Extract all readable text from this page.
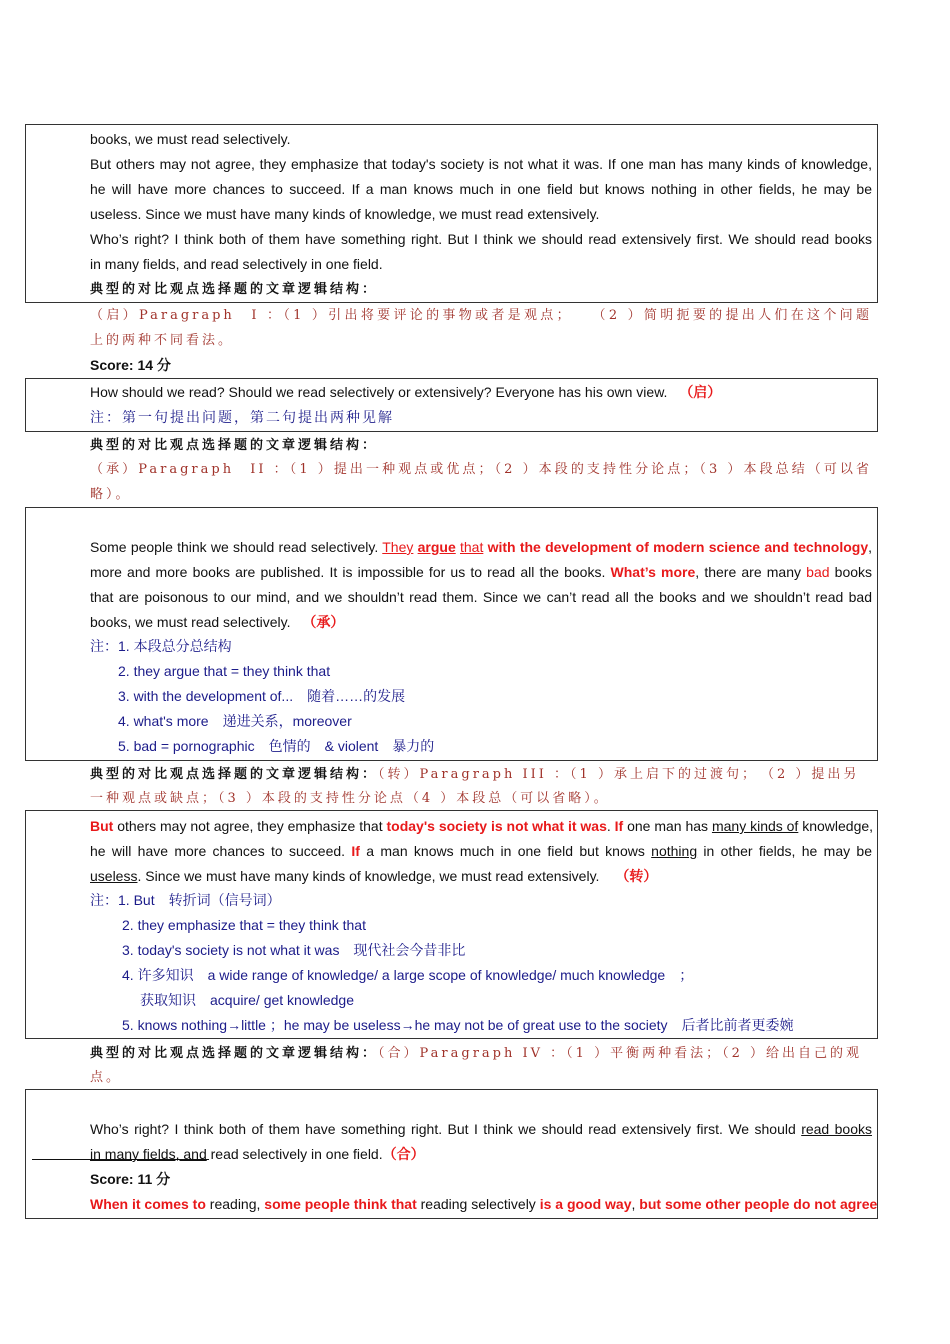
books, we must read selectively.
But others may not agree, they emphasize that today's society is not what it was. If one man has many kinds of knowledge,
he will have more chances to succeed. If a man knows much in one field but knows nothing in other fields, he may be
useless. Since we must have many kinds of knowledge, we must read extensively.
Who’s right? I think both of them have something right. But I think we should read extensively first. We should read books
in many fields, and read selectively in one field.
典型的对比观点选择题的文章逻辑结构：
（启）Paragraph　I ：（1 ）引出将要评论的事物或者是观点；　　（2 ）简明扼要的提出人们在这个问题
上的两种不同看法。
Score: 14 分
How should we read? Should we read selectively or extensively? Everyone has his own view. （启）
注：第一句提出问题，第二句提出两种见解
典型的对比观点选择题的文章逻辑结构：
（承）Paragraph　II ：（1 ）提出一种观点或优点；（2 ）本段的支持性分论点；（3 ）本段总结（可以省
略）。
Some people think we should read selectively. They argue that with the development of modern science and technology,
more and more books are published. It is impossible for us to read all the books. What’s more, there are many bad books
that are poisonous to our mind, and we shouldn’t read them. Since we can’t read all the books and we shouldn’t read bad
books, we must read selectively. （承）
注：1. 本段总分总结构
2. they argue that = they think that
3. with the development of...　随着……的发展
4. what's more　递进关系，moreover
5. bad = pornographic　色情的　& violent　暴力的
典型的对比观点选择题的文章逻辑结构：（转）Paragraph III ：（1 ）承上启下的过渡句；　（2 ）提出另
一种观点或缺点；（3 ）本段的支持性分论点（4 ）本段总（可以省略）。
But others may not agree, they emphasize that today's society is not what it was. If one man has many kinds of knowledge,
he will have more chances to succeed. If a man knows much in one field but knows nothing in other fields, he may be
useless. Since we must have many kinds of knowledge, we must read extensively. （转）
注：1. But　转折词（信号词）
2. they emphasize that = they think that
3. today's society is not what it was　现代社会今昔非比
4. 许多知识　a wide range of knowledge/ a large scope of knowledge/ much knowledge　；
获取知识　acquire/ get knowledge
5. knows nothing→little ；he may be useless→he may not be of great use to the society　后者比前者更委婉
典型的对比观点选择题的文章逻辑结构：（合）Paragraph IV ：（1 ）平衡两种看法；（2 ）给出自己的观
点。
Who’s right? I think both of them have something right. But I think we should read extensively first. We should read books
in many fields, and read selectively in one field.（合）
Score: 11 分
When it comes to reading, some people think that reading selectively is a good way, but some other people do not agree
